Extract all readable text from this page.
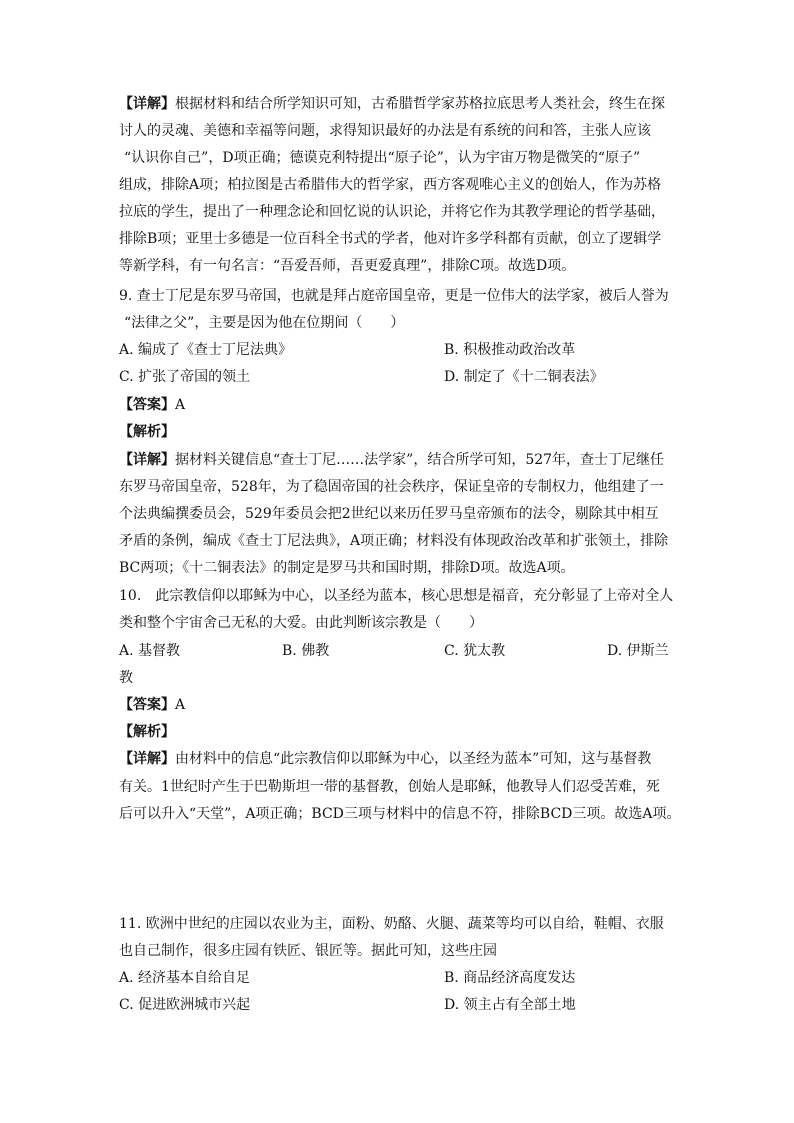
【详解】根据材料和结合所学知识可知，古希腊哲学家苏格拉底思考人类社会，终生在探
讨人的灵魂、美德和幸福等问题，求得知识最好的办法是有系统的问和答，主张人应该
“认识你自己”，D项正确；德谟克利特提出“原子论”，认为宇宙万物是微笑的“原子”
组成，排除A项；柏拉图是古希腊伟大的哲学家，西方客观唯心主义的创始人，作为苏格
拉底的学生，提出了一种理念论和回忆说的认识论，并将它作为其教学理论的哲学基础，
排除B项；亚里士多德是一位百科全书式的学者，他对许多学科都有贡献，创立了逻辑学
等新学科，有一句名言：“吾爱吾师，吾更爱真理”，排除C项。故选D项。
9. 查士丁尼是东罗马帝国，也就是拜占庭帝国皇帝，更是一位伟大的法学家，被后人誉为
“法律之父”，主要是因为他在位期间（　　）
A. 编成了《查士丁尼法典》	B. 积极推动政治改革
C. 扩张了帝国的领土	D. 制定了《十二铜表法》
【答案】A
【解析】
【详解】据材料关键信息“查士丁尼……法学家”，结合所学可知，527年，查士丁尼继任
东罗马帝国皇帝，528年，为了稳固帝国的社会秩序，保证皇帝的专制权力，他组建了一
个法典编撰委员会，529年委员会把2世纪以来历任罗马皇帝颁布的法令，剔除其中相互
矛盾的条例，编成《查士丁尼法典》，A项正确；材料没有体现政治改革和扩张领土，排除
BC两项；《十二铜表法》的制定是罗马共和国时期，排除D项。故选A项。
10.　此宗教信仰以耶稣为中心，以圣经为蓝本，核心思想是福音，充分彰显了上帝对全人
类和整个宇宙舍己无私的大爱。由此判断该宗教是（　　）
A. 基督教	B. 佛教	C. 犹太教	D. 伊斯兰
教
【答案】A
【解析】
【详解】由材料中的信息“此宗教信仰以耶稣为中心，以圣经为蓝本”可知，这与基督教
有关。1世纪时产生于巴勒斯坦一带的基督教，创始人是耶稣，他教导人们忍受苦难，死
后可以升入“天堂”，A项正确；BCD三项与材料中的信息不符，排除BCD三项。故选A项。
11. 欧洲中世纪的庄园以农业为主，面粉、奶酪、火腿、蔬菜等均可以自给，鞋帽、衣服
也自己制作，很多庄园有铁匠、银匠等。据此可知，这些庄园
A. 经济基本自给自足	B. 商品经济高度发达
C. 促进欧洲城市兴起	D. 领主占有全部土地
